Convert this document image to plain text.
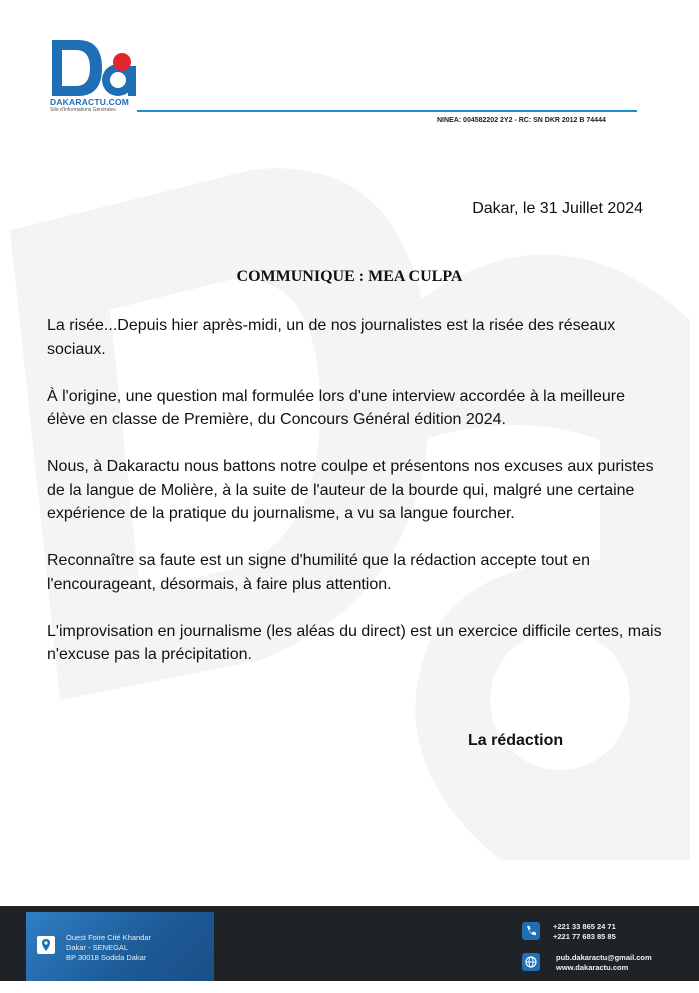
DAKARACTU.COM
Site d'Informations Générales
NINEA: 004582202 2Y2 - RC: SN DKR 2012 B 74444
Dakar, le 31 Juillet 2024
COMMUNIQUE : MEA CULPA

La risée...Depuis hier après-midi, un de nos journalistes est la risée des réseaux sociaux.

À l'origine, une question mal formulée lors d'une interview accordée à la meilleure élève en classe de Première, du Concours Général édition 2024.

Nous, à Dakaractu nous battons notre coulpe et présentons nos excuses aux puristes de la langue de Molière, à la suite de l'auteur de la bourde qui, malgré une certaine expérience de la pratique du journalisme, a vu sa langue fourcher.

Reconnaître sa faute est un signe d'humilité que la rédaction accepte tout en l'encourageant, désormais, à faire plus attention.

L'improvisation en journalisme (les aléas du direct) est un exercice difficile certes, mais n'excuse pas la précipitation.

La rédaction
Ouest Foire Cité Khandar
Dakar - SENEGAL
BP 30018 Sodida Dakar
+221 33 865 24 71
+221 77 683 85 85
pub.dakaractu@gmail.com
www.dakaractu.com
